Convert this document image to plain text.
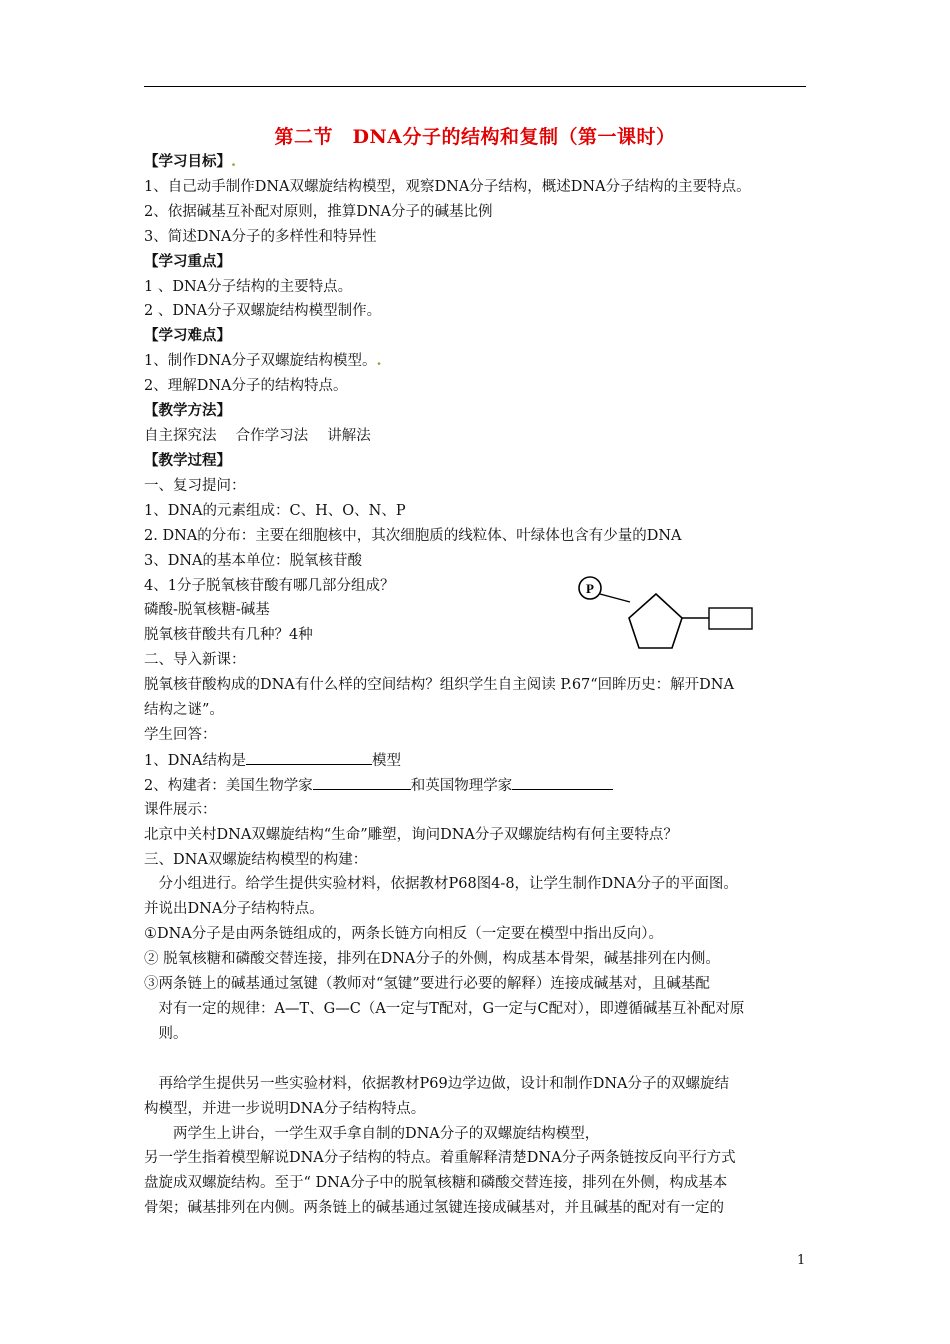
第二节　DNA分子的结构和复制（第一课时）
【学习目标】.
1、自己动手制作DNA双螺旋结构模型，观察DNA分子结构，概述DNA分子结构的主要特点。
2、依据碱基互补配对原则，推算DNA分子的碱基比例
3、简述DNA分子的多样性和特异性
【学习重点】
1 、DNA分子结构的主要特点。
2 、DNA分子双螺旋结构模型制作。
【学习难点】
1、制作DNA分子双螺旋结构模型。.
2、理解DNA分子的结构特点。
【教学方法】
自主探究法　 合作学习法　 讲解法
【教学过程】
一、复习提问：
1、DNA的元素组成：C、H、O、N、P
2. DNA的分布：主要在细胞核中，其次细胞质的线粒体、叶绿体也含有少量的DNA
3、DNA的基本单位：脱氧核苷酸
4、1分子脱氧核苷酸有哪几部分组成？
磷酸-脱氧核糖-碱基
脱氧核苷酸共有几种？4种
P
二、导入新课：
脱氧核苷酸构成的DNA有什么样的空间结构？组织学生自主阅读 P.67“回眸历史：解开DNA
结构之谜”。
学生回答：
1、DNA结构是	模型
2、构建者：美国生物学家	和英国物理学家
课件展示：
北京中关村DNA双螺旋结构“生命”雕塑，询问DNA分子双螺旋结构有何主要特点？
三、DNA双螺旋结构模型的构建：
　分小组进行。给学生提供实验材料，依据教材P68图4-8，让学生制作DNA分子的平面图。
并说出DNA分子结构特点。
①DNA分子是由两条链组成的，两条长链方向相反（一定要在模型中指出反向）。
② 脱氧核糖和磷酸交替连接，排列在DNA分子的外侧，构成基本骨架，碱基排列在内侧。
③两条链上的碱基通过氢键（教师对“氢键”要进行必要的解释）连接成碱基对，且碱基配
　对有一定的规律：A—T、G—C（A一定与T配对，G一定与C配对），即遵循碱基互补配对原
　则。
　再给学生提供另一些实验材料，依据教材P69边学边做，设计和制作DNA分子的双螺旋结
构模型，并进一步说明DNA分子结构特点。
　　两学生上讲台，一学生双手拿自制的DNA分子的双螺旋结构模型，
另一学生指着模型解说DNA分子结构的特点。着重解释清楚DNA分子两条链按反向平行方式
盘旋成双螺旋结构。至于“ DNA分子中的脱氧核糖和磷酸交替连接，排列在外侧，构成基本
骨架；碱基排列在内侧。两条链上的碱基通过氢键连接成碱基对，并且碱基的配对有一定的
1
